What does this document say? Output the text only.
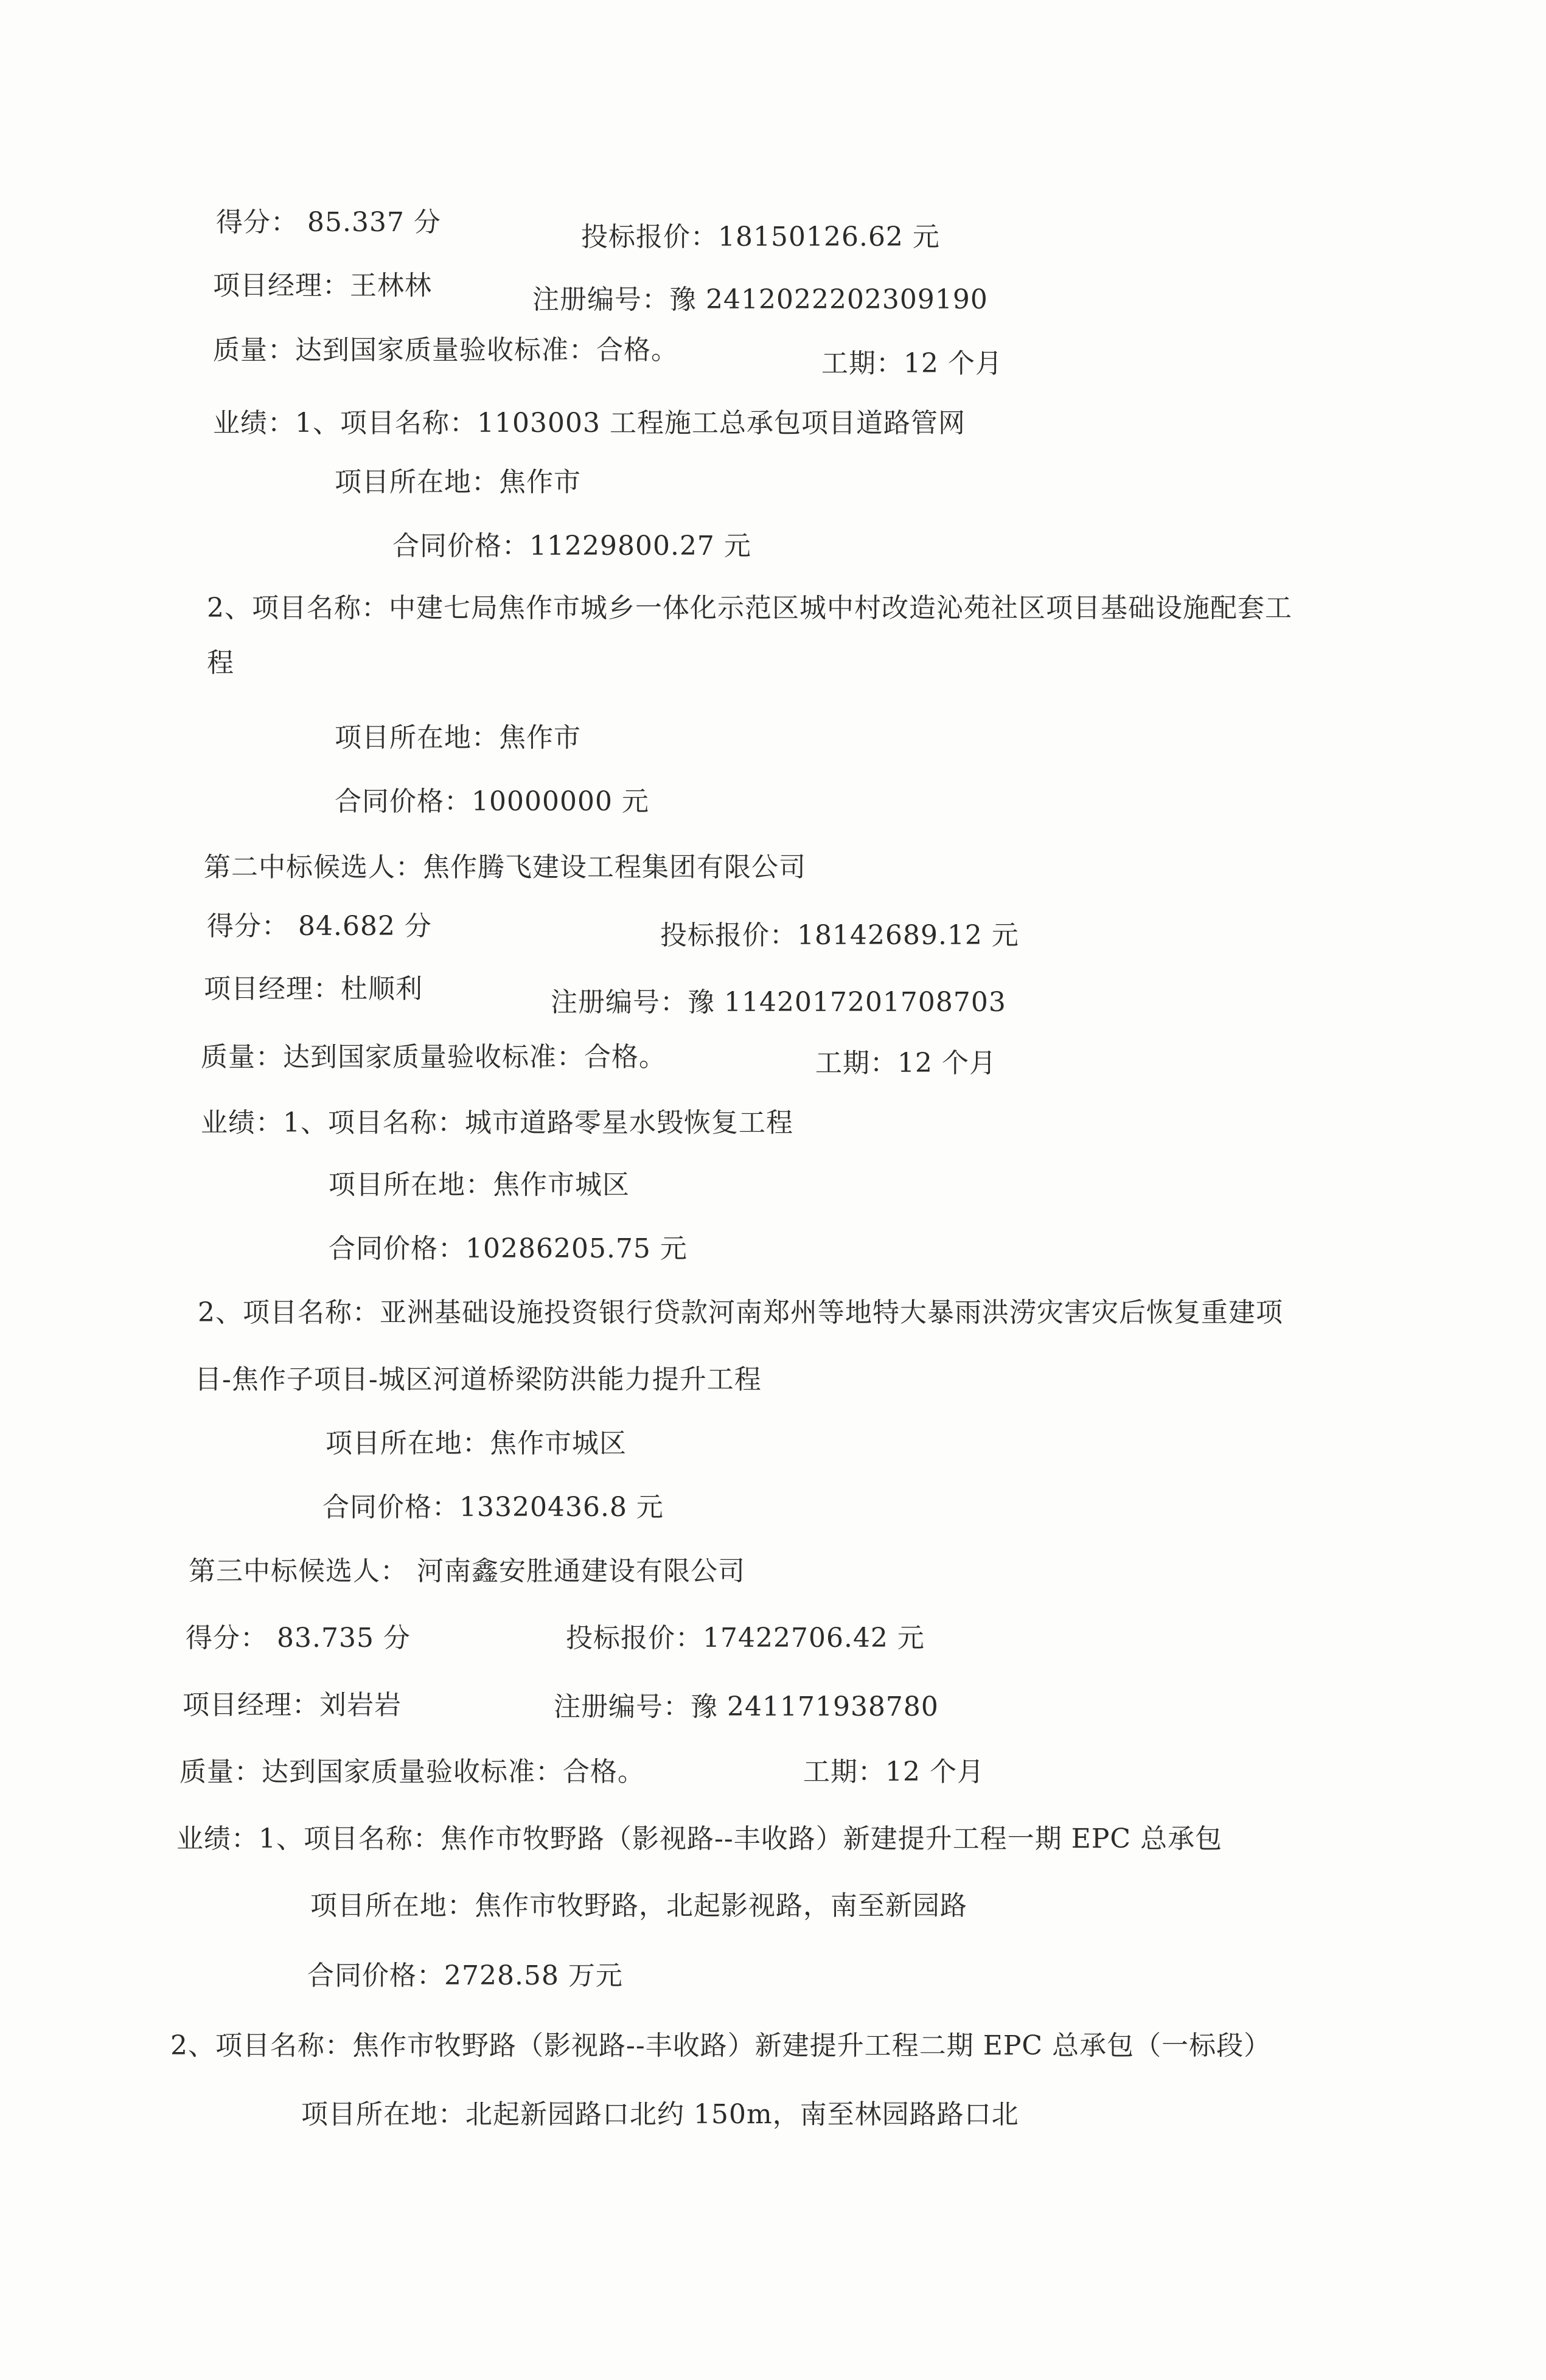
得分： 85.337 分	投标报价：18150126.62 元
项目经理：王林林	注册编号：豫 2412022202309190
质量：达到国家质量验收标准：合格。	工期：12 个月
业绩：1、项目名称：1103003 工程施工总承包项目道路管网
项目所在地：焦作市
合同价格：11229800.27 元
2、项目名称：中建七局焦作市城乡一体化示范区城中村改造沁苑社区项目基础设施配套工
程
项目所在地：焦作市
合同价格：10000000 元
第二中标候选人：焦作腾飞建设工程集团有限公司
得分： 84.682 分	投标报价：18142689.12 元
项目经理：杜顺利	注册编号：豫 1142017201708703
质量：达到国家质量验收标准：合格。	工期：12 个月
业绩：1、项目名称：城市道路零星水毁恢复工程
项目所在地：焦作市城区
合同价格：10286205.75 元
2、项目名称：亚洲基础设施投资银行贷款河南郑州等地特大暴雨洪涝灾害灾后恢复重建项
目-焦作子项目-城区河道桥梁防洪能力提升工程
项目所在地：焦作市城区
合同价格：13320436.8 元
第三中标候选人： 河南鑫安胜通建设有限公司
得分： 83.735 分	投标报价：17422706.42 元
项目经理：刘岩岩	注册编号：豫 241171938780
质量：达到国家质量验收标准：合格。	工期：12 个月
业绩：1、项目名称：焦作市牧野路（影视路--丰收路）新建提升工程一期 EPC 总承包
项目所在地：焦作市牧野路，北起影视路，南至新园路
合同价格：2728.58 万元
2、项目名称：焦作市牧野路（影视路--丰收路）新建提升工程二期 EPC 总承包（一标段）
项目所在地：北起新园路口北约 150m，南至林园路路口北
